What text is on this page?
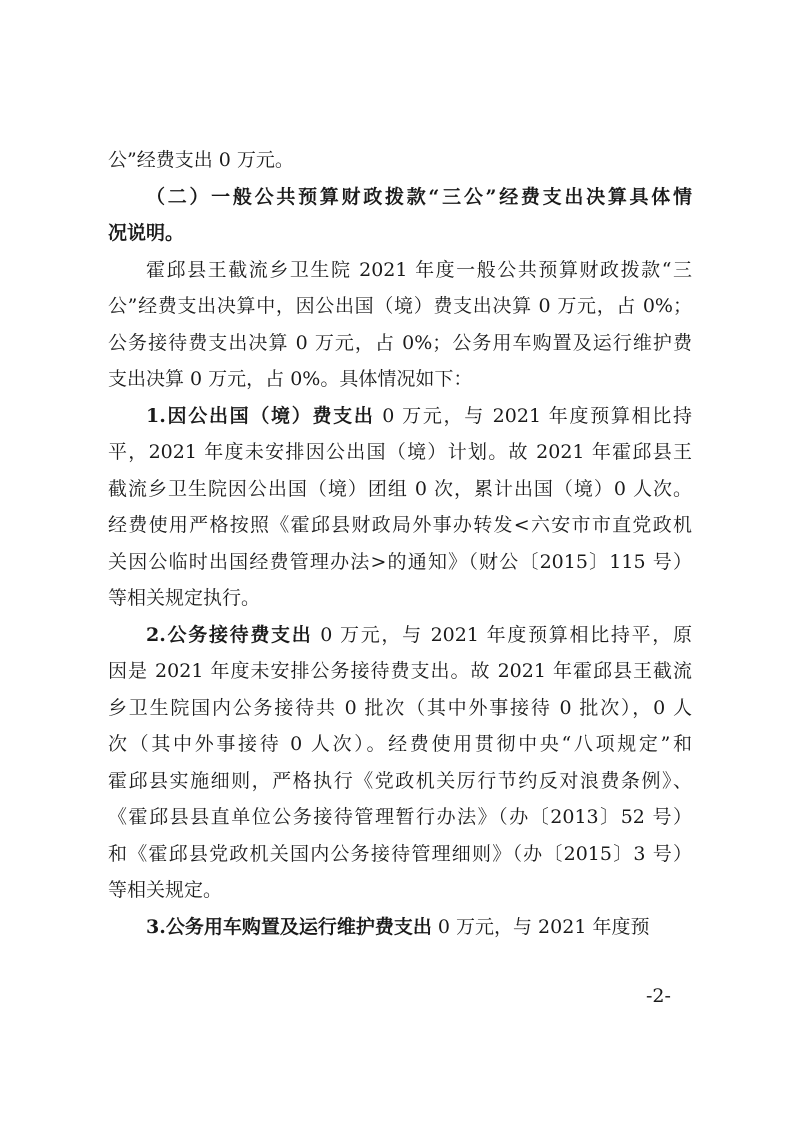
公”经费支出 0 万元。
（二）一般公共预算财政拨款“三公”经费支出决算具体情
况说明。
霍邱县王截流乡卫生院 2021 年度一般公共预算财政拨款“三
公”经费支出决算中，因公出国（境）费支出决算 0 万元，占 0%；
公务接待费支出决算 0 万元，占 0%；公务用车购置及运行维护费
支出决算 0 万元，占 0%。具体情况如下：
1.因公出国（境）费支出 0 万元，与 2021 年度预算相比持
平，2021 年度未安排因公出国（境）计划。故 2021 年霍邱县王
截流乡卫生院因公出国（境）团组 0 次，累计出国（境）0 人次。
经费使用严格按照《霍邱县财政局外事办转发<六安市市直党政机
关因公临时出国经费管理办法>的通知》（财公〔2015〕115 号）
等相关规定执行。
2.公务接待费支出 0 万元，与 2021 年度预算相比持平，原
因是 2021 年度未安排公务接待费支出。故 2021 年霍邱县王截流
乡卫生院国内公务接待共 0 批次（其中外事接待 0 批次），0 人
次（其中外事接待 0 人次）。经费使用贯彻中央“八项规定”和
霍邱县实施细则，严格执行《党政机关厉行节约反对浪费条例》、
《霍邱县县直单位公务接待管理暂行办法》（办〔2013〕52 号）
和《霍邱县党政机关国内公务接待管理细则》（办〔2015〕3 号）
等相关规定。
3.公务用车购置及运行维护费支出 0 万元，与 2021 年度预
-2-
